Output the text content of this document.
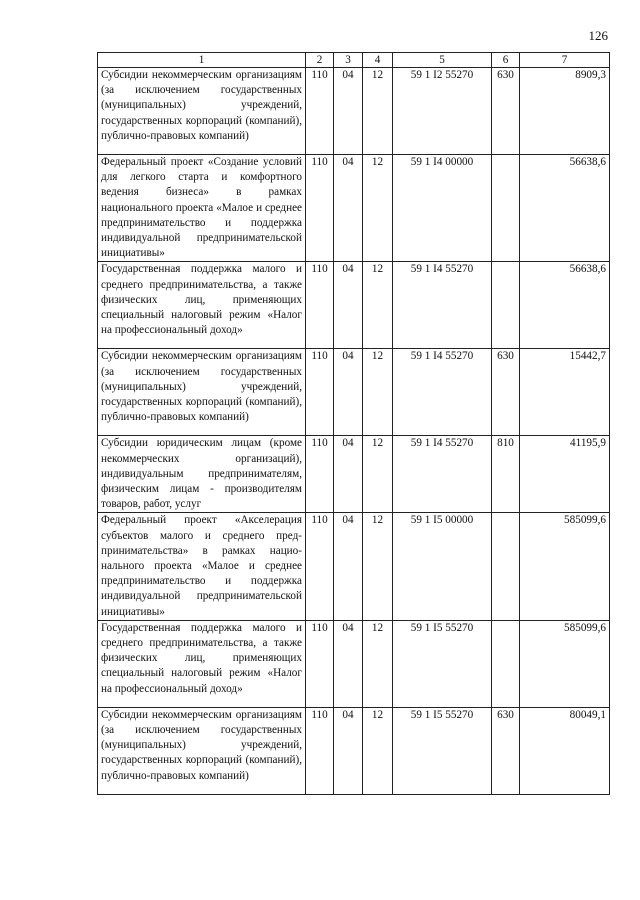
126
1	2	3	4	5	6	7
Субсидии некоммерческим организациям (за исключением государственных (муниципальных) учреждений, государственных корпораций (компаний), публично-правовых компаний)	110	04	12	59 1 I2 55270	630	8909,3
Федеральный проект «Создание условий для легкого старта и комфортного ведения бизнеса» в рамках национального проекта «Малое и среднее предпринимательство и поддержка индивидуальной предпринимательской инициативы»	110	04	12	59 1 I4 00000		56638,6
Государственная поддержка малого и среднего предпринимательства, а также физических лиц, применяющих специальный налоговый режим «Налог на профессиональный доход»	110	04	12	59 1 I4 55270		56638,6
Субсидии некоммерческим организациям (за исключением государственных (муниципальных) учреждений, государственных корпораций (компаний), публично-правовых компаний)	110	04	12	59 1 I4 55270	630	15442,7
Субсидии юридическим лицам (кроме некоммерческих организаций), индивидуальным предпринимателям, физическим лицам - производителям товаров, работ, услуг	110	04	12	59 1 I4 55270	810	41195,9
Федеральный проект «Акселерация субъектов малого и среднего предпринимательства» в рамках национального проекта «Малое и среднее предпринимательство и поддержка индивидуальной предпринимательской инициативы»	110	04	12	59 1 I5 00000		585099,6
Государственная поддержка малого и среднего предпринимательства, а также физических лиц, применяющих специальный налоговый режим «Налог на профессиональный доход»	110	04	12	59 1 I5 55270		585099,6
Субсидии некоммерческим организациям (за исключением государственных (муниципальных) учреждений, государственных корпораций (компаний), публично-правовых компаний)	110	04	12	59 1 I5 55270	630	80049,1
